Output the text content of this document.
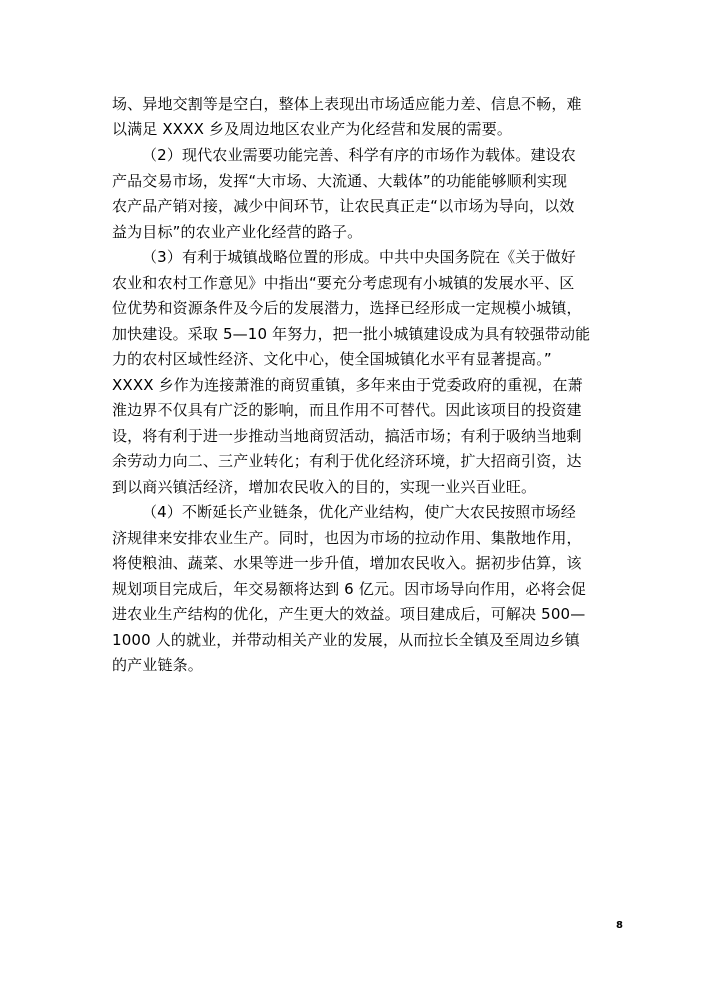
场、异地交割等是空白，整体上表现出市场适应能力差、信息不畅，难
以满足 XXXX 乡及周边地区农业产为化经营和发展的需要。
（2）现代农业需要功能完善、科学有序的市场作为载体。建设农
产品交易市场，发挥“大市场、大流通、大载体”的功能能够顺利实现
农产品产销对接，减少中间环节，让农民真正走“以市场为导向，以效
益为目标”的农业产业化经营的路子。
（3）有利于城镇战略位置的形成。中共中央国务院在《关于做好
农业和农村工作意见》中指出“要充分考虑现有小城镇的发展水平、区
位优势和资源条件及今后的发展潜力，选择已经形成一定规模小城镇，
加快建设。采取 5—10 年努力，把一批小城镇建设成为具有较强带动能
力的农村区域性经济、文化中心，使全国城镇化水平有显著提高。”
XXXX 乡作为连接萧淮的商贸重镇，多年来由于党委政府的重视，在萧
淮边界不仅具有广泛的影响，而且作用不可替代。因此该项目的投资建
设，将有利于进一步推动当地商贸活动，搞活市场；有利于吸纳当地剩
余劳动力向二、三产业转化；有利于优化经济环境，扩大招商引资，达
到以商兴镇活经济，增加农民收入的目的，实现一业兴百业旺。
（4）不断延长产业链条，优化产业结构，使广大农民按照市场经
济规律来安排农业生产。同时，也因为市场的拉动作用、集散地作用，
将使粮油、蔬菜、水果等进一步升值，增加农民收入。据初步估算，该
规划项目完成后，年交易额将达到 6 亿元。因市场导向作用，必将会促
进农业生产结构的优化，产生更大的效益。项目建成后，可解决 500—
1000 人的就业，并带动相关产业的发展，从而拉长全镇及至周边乡镇
的产业链条。
8
